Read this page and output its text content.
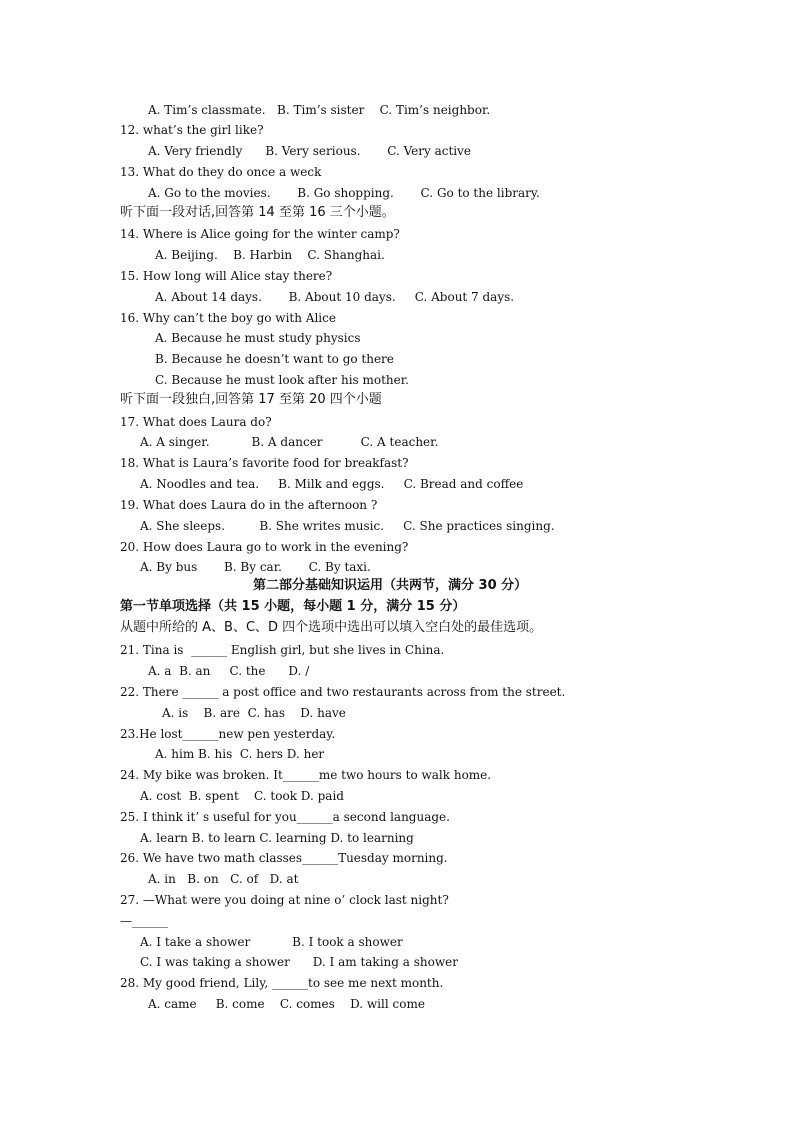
A. Tim’s classmate.   B. Tim’s sister    C. Tim’s neighbor.
12. what’s the girl like?
A. Very friendly      B. Very serious.       C. Very active
13. What do they do once a weck
A. Go to the movies.       B. Go shopping.       C. Go to the library.
听下面一段对话,回答第 14 至第 16 三个小题。
14. Where is Alice going for the winter camp?
A. Beijing.    B. Harbin    C. Shanghai.
15. How long will Alice stay there?
A. About 14 days.       B. About 10 days.     C. About 7 days.
16. Why can’t the boy go with Alice
A. Because he must study physics
B. Because he doesn’t want to go there
C. Because he must look after his mother.
听下面一段独白,回答第 17 至第 20 四个小题
17. What does Laura do?
A. A singer.           B. A dancer          C. A teacher.
18. What is Laura’s favorite food for breakfast?
A. Noodles and tea.     B. Milk and eggs.     C. Bread and coffee
19. What does Laura do in the afternoon ?
A. She sleeps.         B. She writes music.     C. She practices singing.
20. How does Laura go to work in the evening?
A. By bus       B. By car.       C. By taxi.
第二部分基础知识运用（共两节，满分 30 分）
第一节单项选择（共 15 小题，每小题 1 分，满分 15 分）
从题中所给的 A、B、C、D 四个选项中选出可以填入空白处的最佳选项。
21. Tina is  ______ English girl, but she lives in China.
A. a  B. an     C. the      D. /
22. There ______ a post office and two restaurants across from the street.
A. is    B. are  C. has    D. have
23.He lost______new pen yesterday.
A. him B. his  C. hers D. her
24. My bike was broken. It______me two hours to walk home.
A. cost  B. spent    C. took D. paid
25. I think it’ s useful for you______a second language.
A. learn B. to learn C. learning D. to learning
26. We have two math classes______Tuesday morning.
A. in   B. on   C. of   D. at
27. —What were you doing at nine o’ clock last night?
—______
A. I take a shower           B. I took a shower
C. I was taking a shower      D. I am taking a shower
28. My good friend, Lily, ______to see me next month.
A. came     B. come    C. comes    D. will come
